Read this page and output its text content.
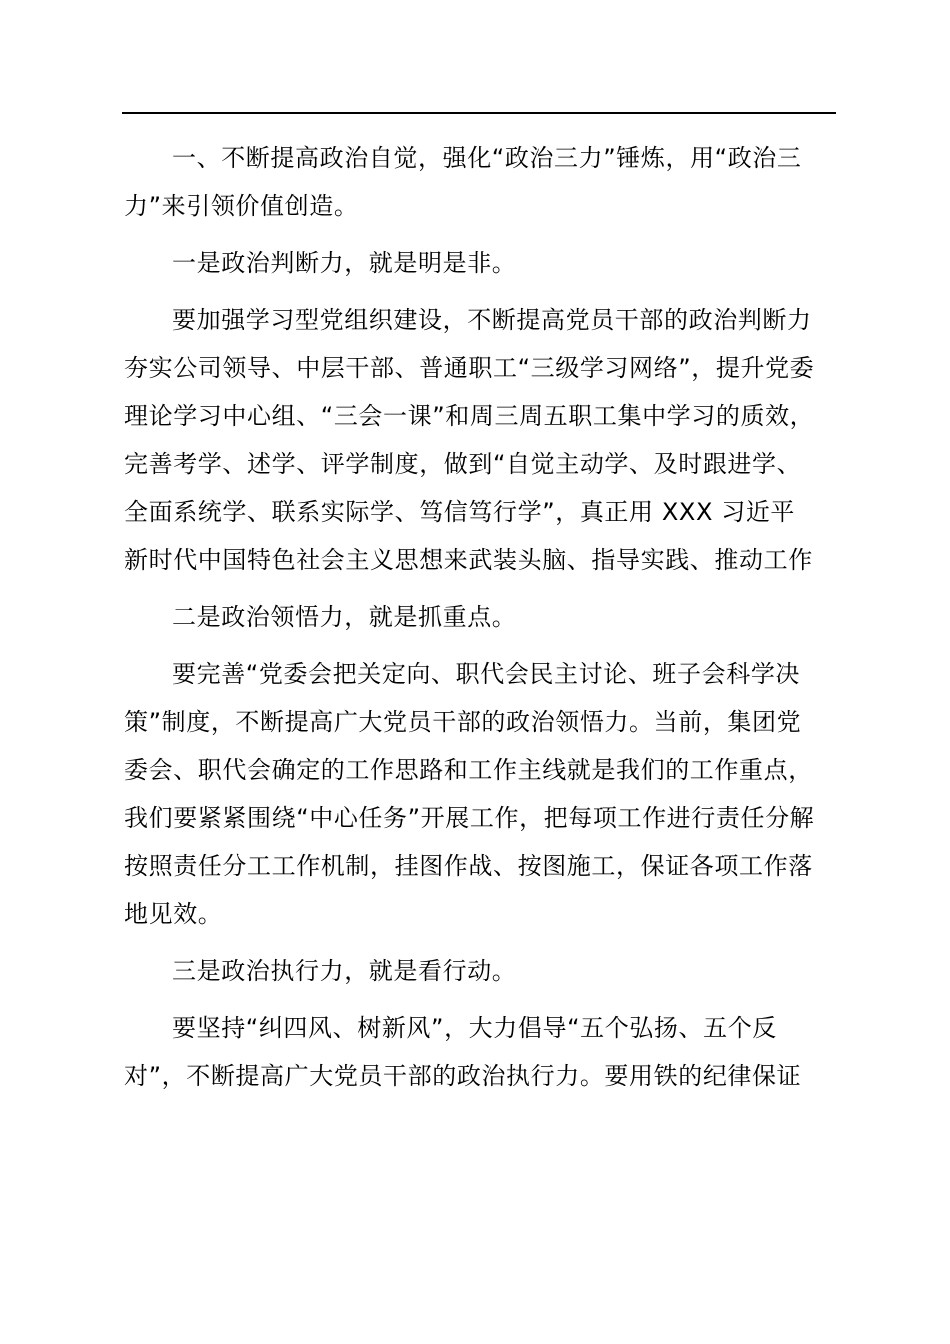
一、不断提高政治自觉，强化“政治三力”锤炼，用“政治三
力”来引领价值创造。

一是政治判断力，就是明是非。

要加强学习型党组织建设，不断提高党员干部的政治判断力
夯实公司领导、中层干部、普通职工“三级学习网络”，提升党委
理论学习中心组、“三会一课”和周三周五职工集中学习的质效，
完善考学、述学、评学制度，做到“自觉主动学、及时跟进学、
全面系统学、联系实际学、笃信笃行学”，真正用 XXX 习近平
新时代中国特色社会主义思想来武装头脑、指导实践、推动工作

二是政治领悟力，就是抓重点。

要完善“党委会把关定向、职代会民主讨论、班子会科学决
策”制度，不断提高广大党员干部的政治领悟力。当前，集团党
委会、职代会确定的工作思路和工作主线就是我们的工作重点，
我们要紧紧围绕“中心任务”开展工作，把每项工作进行责任分解
按照责任分工工作机制，挂图作战、按图施工，保证各项工作落
地见效。

三是政治执行力，就是看行动。

要坚持“纠四风、树新风”，大力倡导“五个弘扬、五个反
对”，不断提高广大党员干部的政治执行力。要用铁的纪律保证
